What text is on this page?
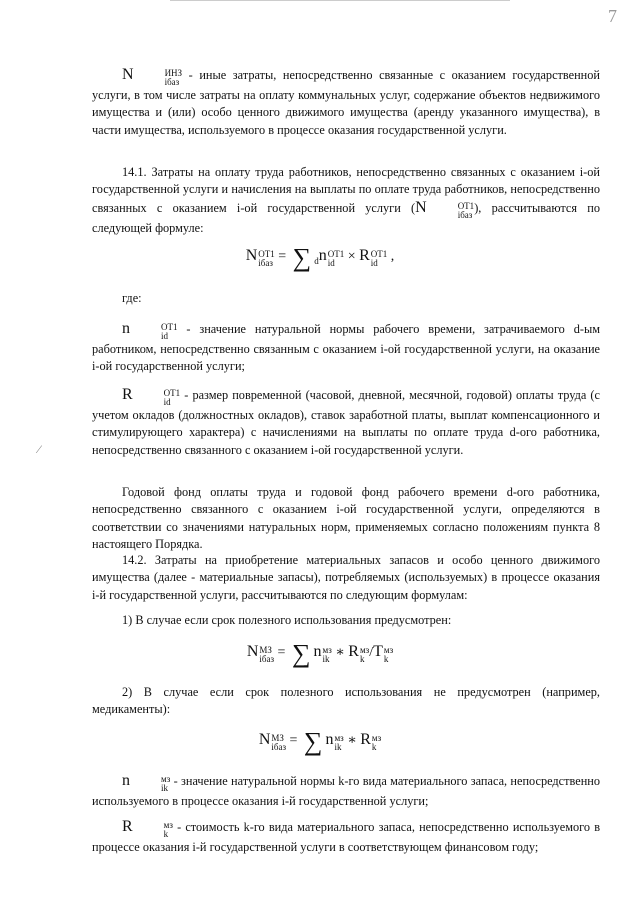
7

N	ИНЗ
iбаз - иные затраты, непосредственно связанные с оказанием государственной услуги, в том числе затраты на оплату коммунальных услуг, содержание объектов недвижимого имущества и (или) особо ценного движимого имущества (аренду указанного имущества), в части имущества, используемого в процессе оказания государственной услуги.

14.1. Затраты на оплату труда работников, непосредственно связанных с оказанием i-ой государственной услуги и начисления на выплаты по оплате труда работников, непосредственно связанных с оказанием i-ой государственной услуги (N	ОТ1
iбаз ), рассчитываются по следующей формуле:

N ОТ1
iбаз = ∑ $_d$n ОТ1
id × R ОТ1
id ,

где:

n	ОТ1
id - значение натуральной нормы рабочего времени, затрачиваемого d-ым работником, непосредственно связанным с оказанием i-ой государственной услуги, на оказание i-ой государственной услуги;

R	ОТ1
id - размер повременной (часовой, дневной, месячной, годовой) оплаты труда (с учетом окладов (должностных окладов), ставок заработной платы, выплат компенсационного и стимулирующего характера) с начислениями на выплаты по оплате труда d-ого работника, непосредственно связанного с оказанием i-ой государственной услуги.

⁄

Годовой фонд оплаты труда и годовой фонд рабочего времени d-ого работника, непосредственно связанного с оказанием i-ой государственной услуги, определяются в соответствии со значениями натуральных норм, применяемых согласно положениям пункта 8 настоящего Порядка.

14.2. Затраты на приобретение материальных запасов и особо ценного движимого имущества (далее - материальные запасы), потребляемых (используемых) в процессе оказания i-й государственной услуги, рассчитываются по следующим формулам:

1) В случае если срок полезного использования предусмотрен:

N МЗ
iбаз = ∑ n мз
ik ∗ R мз
k /T мз
k

2) В случае если срок полезного использования не предусмотрен (например, медикаменты):

N МЗ
iбаз = ∑ n мз
ik ∗ R мз
k

n	мз
ik - значение натуральной нормы k-го вида материального запаса, непосредственно используемого в процессе оказания i-й государственной услуги;

R	мз
k - стоимость k-го вида материального запаса, непосредственно используемого в процессе оказания i-й государственной услуги в соответствующем финансовом году;
